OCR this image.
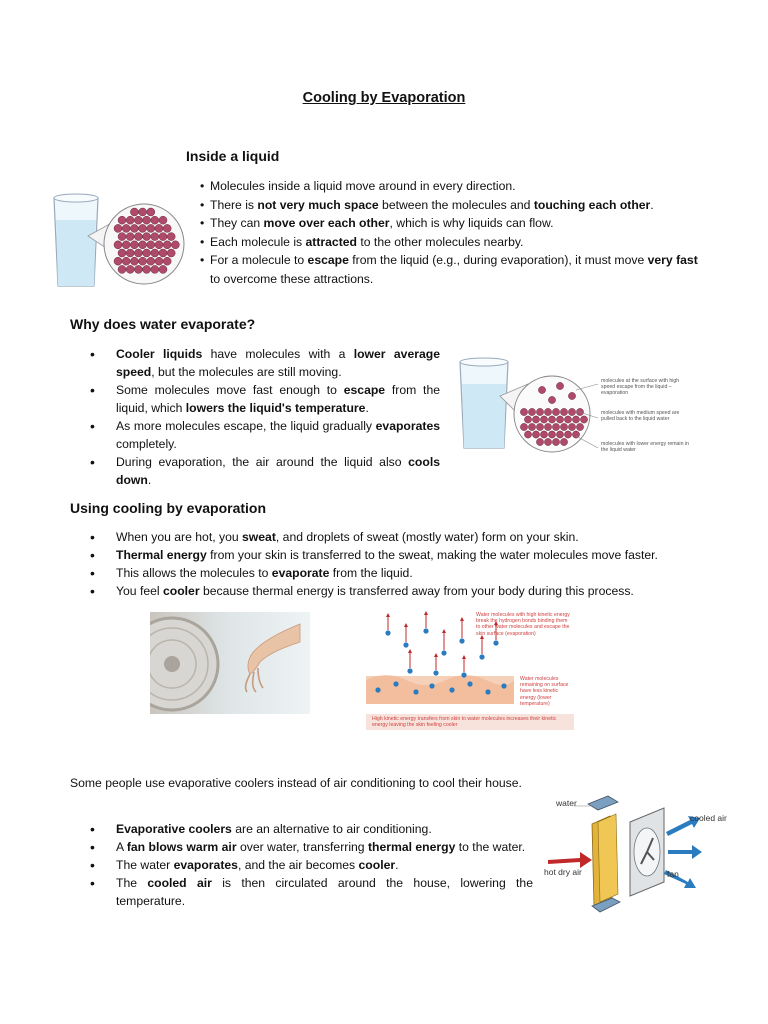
Cooling by Evaporation
Inside a liquid
• Molecules inside a liquid move around in every direction.
• There is not very much space between the molecules and touching each other.
• They can move over each other, which is why liquids can flow.
• Each molecule is attracted to the other molecules nearby.
• For a molecule to escape from the liquid (e.g., during evaporation), it must move very fast to overcome these attractions.
Why does water evaporate?
• Cooler liquids have molecules with a lower average speed, but the molecules are still moving.
• Some molecules move fast enough to escape from the liquid, which lowers the liquid's temperature.
• As more molecules escape, the liquid gradually evaporates completely.
• During evaporation, the air around the liquid also cools down.
molecules at the surface with high speed escape from the liquid – evaporation
molecules with medium speed are pulled back to the liquid water
molecules with lower energy remain in the liquid water
Using cooling by evaporation
• When you are hot, you sweat, and droplets of sweat (mostly water) form on your skin.
• Thermal energy from your skin is transferred to the sweat, making the water molecules move faster.
• This allows the molecules to evaporate from the liquid.
• You feel cooler because thermal energy is transferred away from your body during this process.
Water molecules with high kinetic energy break the hydrogen bonds binding them to other water molecules and escape the skin surface (evaporation)
Water molecules remaining on surface have less kinetic energy (lower temperature)
High kinetic energy transfers from skin to water molecules increases their kinetic energy leaving the skin feeling cooler

Some people use evaporative coolers instead of air conditioning to cool their house.

• Evaporative coolers are an alternative to air conditioning.
• A fan blows warm air over water, transferring thermal energy to the water.
• The water evaporates, and the air becomes cooler.
• The cooled air is then circulated around the house, lowering the temperature.
water
cooled air
hot dry air	fan
